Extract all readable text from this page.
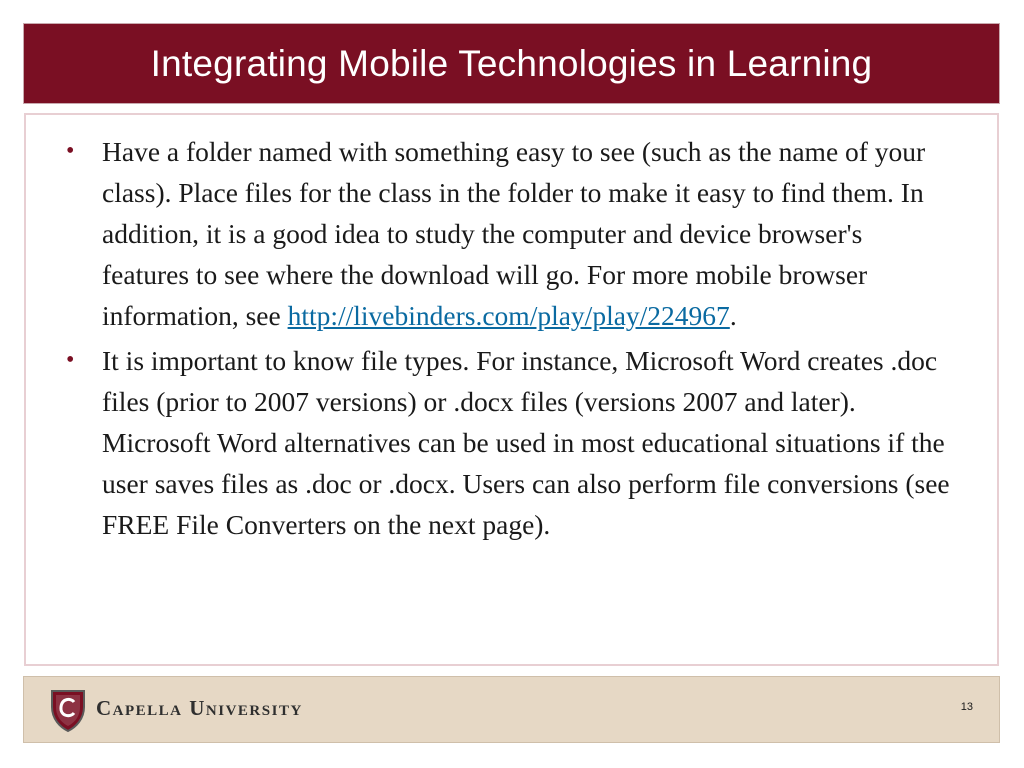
Integrating Mobile Technologies in Learning
• Have a folder named with something easy to see (such as the name of your class). Place files for the class in the folder to make it easy to find them. In addition, it is a good idea to study the computer and device browser's features to see where the download will go. For more mobile browser information, see http://livebinders.com/play/play/224967.
• It is important to know file types. For instance, Microsoft Word creates .doc files (prior to 2007 versions) or .docx files (versions 2007 and later). Microsoft Word alternatives can be used in most educational situations if the user saves files as .doc or .docx. Users can also perform file conversions (see FREE File Converters on the next page).
Capella University	13
